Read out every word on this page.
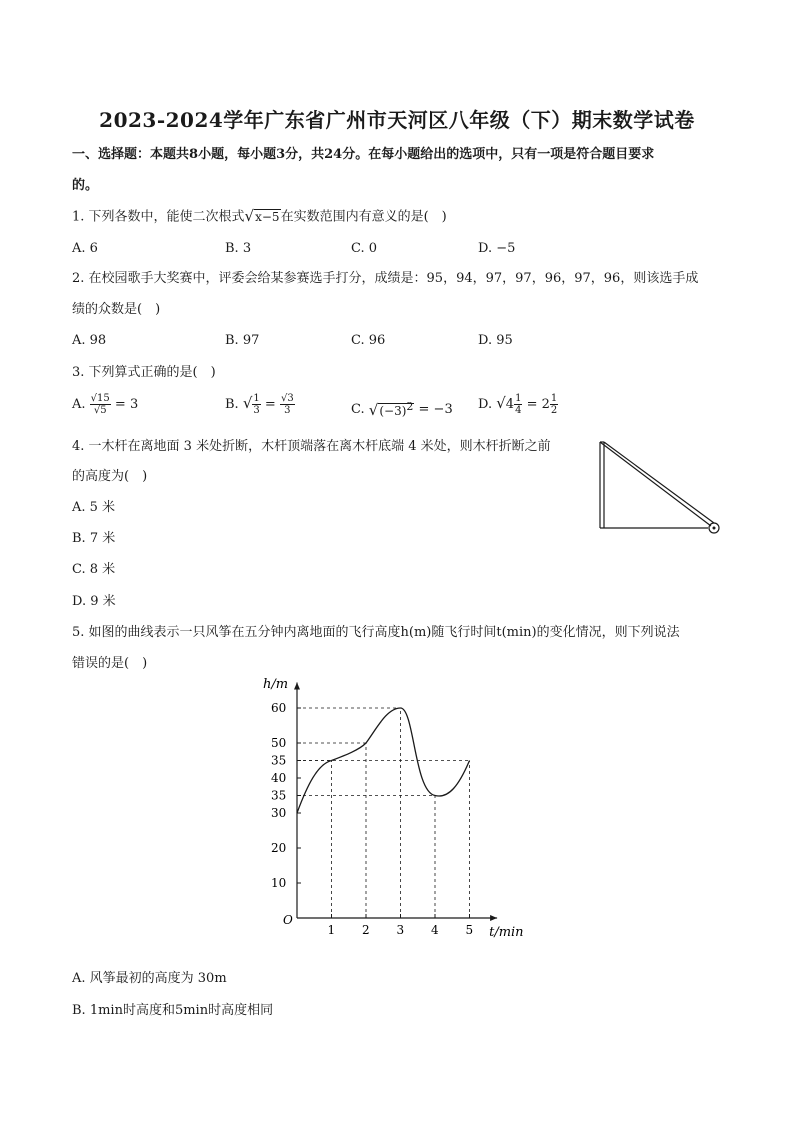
2023-2024学年广东省广州市天河区八年级（下）期末数学试卷
一、选择题：本题共8小题，每小题3分，共24分。在每小题给出的选项中，只有一项是符合题目要求
的。
1. 下列各数中，能使二次根式√x−5在实数范围内有意义的是(　)
A. 6	B. 3	C. 0	D. −5
2. 在校园歌手大奖赛中，评委会给某参赛选手打分，成绩是：95，94，97，97，96，97，96，则该选手成
绩的众数是(　)
A. 98	B. 97	C. 96	D. 95
3. 下列算式正确的是(　)
A. $\frac{√15}{√5} = 3$	B. √ $\frac{1}{3} = \frac{√3}{3}$	C. $√(-3)^2 = -3$ D. $√4 \frac{1}{4} = 2 \frac{1}{2}$
4. 一木杆在离地面 3 米处折断，木杆顶端落在离木杆底端 4 米处，则木杆折断之前
的高度为(　)
A. 5 米
B. 7 米
C. 8 米
D. 9 米
5. 如图的曲线表示一只风筝在五分钟内离地面的飞行高度h(m)随飞行时间t(min)的变化情况，则下列说法
错误的是(　)
h/m
t/min
O
1 2 3 4 5
10
20
30
35
40
35
50
60
A. 风筝最初的高度为 30m
B. 1min时高度和5min时高度相同
